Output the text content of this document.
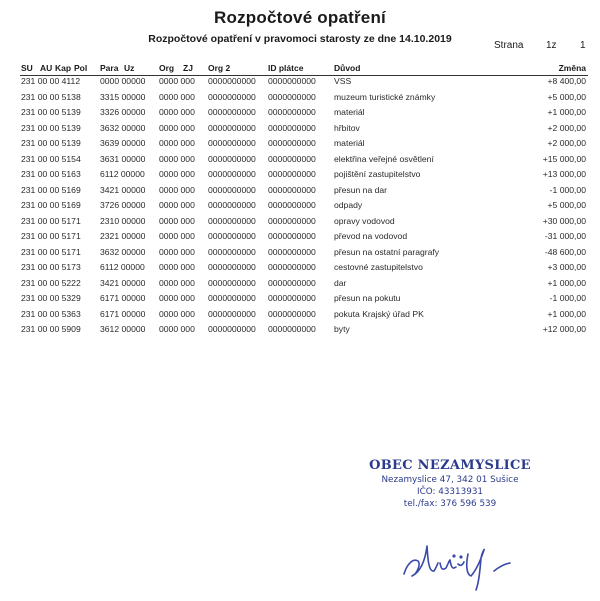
Rozpočtové opatření
Rozpočtové opatření v pravomoci starosty ze dne 14.10.2019
Strana 1z 1
SU AU Kap Pol Para Uz	Org ZJ Org 2	ID plátce	Důvod	Změna
231 00 00 4112 0000 00000 0000 000 0000000000 0000000000 VSS	+8 400,00
231 00 00 5138 3315 00000 0000 000 0000000000 0000000000 muzeum turistické známky	+5 000,00
231 00 00 5139 3326 00000 0000 000 0000000000 0000000000 materiál	+1 000,00
231 00 00 5139 3632 00000 0000 000 0000000000 0000000000 hřbitov	+2 000,00
231 00 00 5139 3639 00000 0000 000 0000000000 0000000000 materiál	+2 000,00
231 00 00 5154 3631 00000 0000 000 0000000000 0000000000 elektřina veřejné osvětlení	+15 000,00
231 00 00 5163 6112 00000 0000 000 0000000000 0000000000 pojištění zastupitelstvo	+13 000,00
231 00 00 5169 3421 00000 0000 000 0000000000 0000000000 přesun na dar	-1 000,00
231 00 00 5169 3726 00000 0000 000 0000000000 0000000000 odpady	+5 000,00
231 00 00 5171 2310 00000 0000 000 0000000000 0000000000 opravy vodovod	+30 000,00
231 00 00 5171 2321 00000 0000 000 0000000000 0000000000 převod na vodovod	-31 000,00
231 00 00 5171 3632 00000 0000 000 0000000000 0000000000 přesun na ostatní paragrafy	-48 600,00
231 00 00 5173 6112 00000 0000 000 0000000000 0000000000 cestovné zastupitelstvo	+3 000,00
231 00 00 5222 3421 00000 0000 000 0000000000 0000000000 dar	+1 000,00
231 00 00 5329 6171 00000 0000 000 0000000000 0000000000 přesun na pokutu	-1 000,00
231 00 00 5363 6171 00000 0000 000 0000000000 0000000000 pokuta Krajský úřad PK	+1 000,00
231 00 00 5909 3612 00000 0000 000 0000000000 0000000000 byty	+12 000,00
OBEC NEZAMYSLICE
Nezamyslice 47, 342 01 Sušice
IČO: 43313931
tel./fax: 376 596 539
